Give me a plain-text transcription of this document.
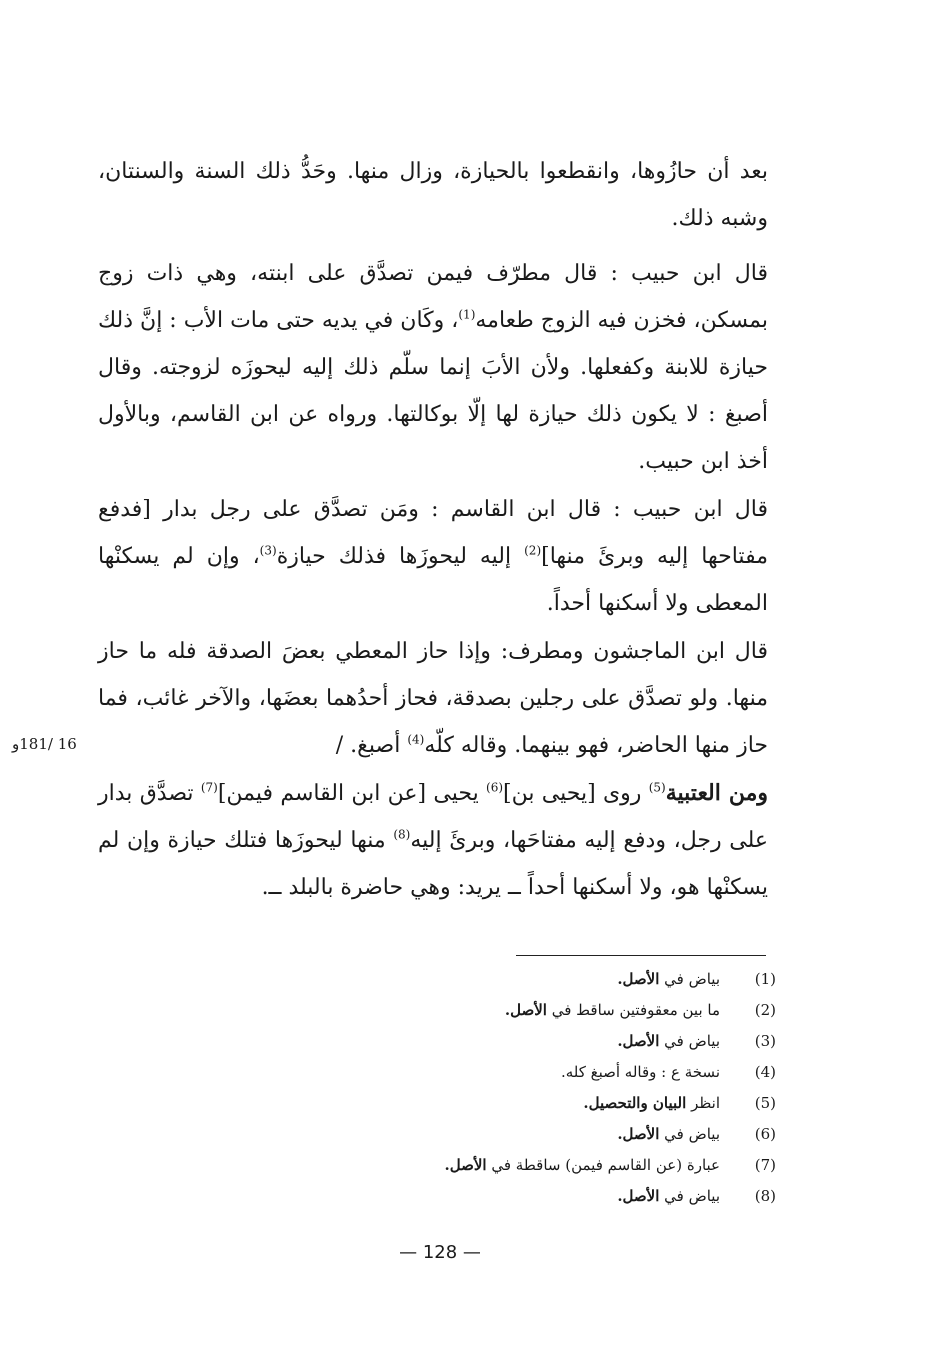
بعد أن حازُوها، وانقطعوا بالحيازة، وزال منها. وحَدُّ ذلك السنة والسنتان، وشبه ذلك.

قال ابن حبيب : قال مطرّف فيمن تصدَّق على ابنته، وهي ذات زوج بمسكن، فخزن فيه الزوج طعامه$^{(1)}$، وكَان في يديه حتى مات الأب : إنَّ ذلك حيازة للابنة وكفعلها. ولأن الأبَ إنما سلّم ذلك إليه ليحوزَه لزوجته. وقال أصبغ : لا يكون ذلك حيازة لها إلّا بوكالتها. ورواه عن ابن القاسم، وبالأول أخذ ابن حبيب.

قال ابن حبيب : قال ابن القاسم : ومَن تصدَّق على رجل بدار [فدفع مفتاحها إليه وبرئَ منها]$^{(2)}$ إليه ليحوزَها فذلك حيازة$^{(3)}$، وإن لم يسكنْها المعطى ولا أسكنها أحداً.

قال ابن الماجشون ومطرف: وإذا حاز المعطي بعضَ الصدقة فله ما حاز منها. ولو تصدَّق على رجلين بصدقة، فحاز أحدُهما بعضَها، والآخر غائب، فما حاز منها الحاضر، فهو بينهما. وقاله كلّه$^{(4)}$ أصبغ. /

16 /181و

ومن العتبية$^{(5)}$ روى [يحيى بن]$^{(6)}$ يحيى [عن ابن القاسم فيمن]$^{(7)}$ تصدَّق بدار على رجل، ودفع إليه مفتاحَها، وبرئَ إليه$^{(8)}$ منها ليحوزَها فتلك حيازة وإن لم يسكنْها هو، ولا أسكنها أحداً ــ يريد: وهي حاضرة بالبلد ــ.

(1)
بياض في الأصل.
(2)
ما بين معقوفتين ساقط في الأصل.
(3)
بياض في الأصل.
(4)
نسخة ع : وقاله أصبغ كله.
(5)
انظر البيان والتحصيل.
(6)
بياض في الأصل.
(7)
عبارة (عن القاسم فيمن) ساقطة في الأصل.
(8)
بياض في الأصل.
— 128 —
